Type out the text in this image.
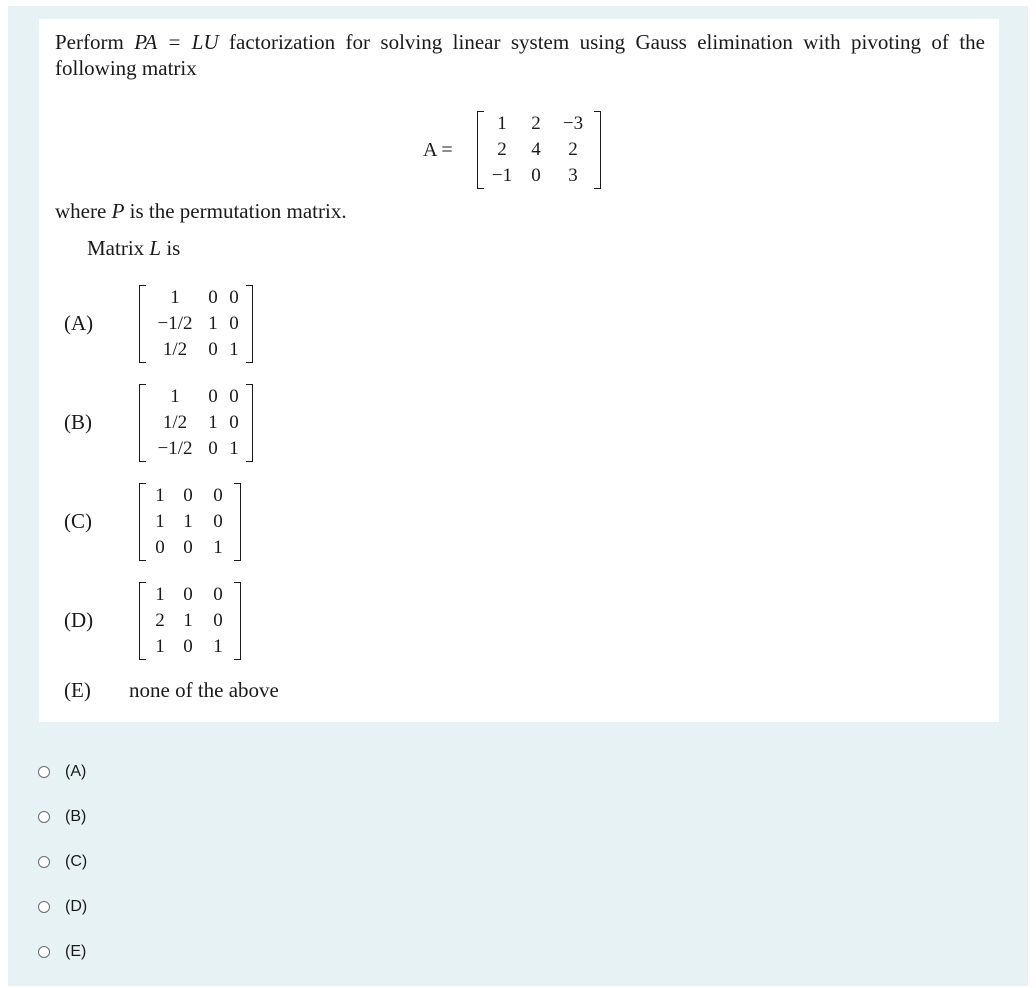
Perform PA = LU factorization for solving linear system using Gauss elimination with pivoting of the following matrix
A =
1	2	−3
2	4	2
−1	0	3
where P is the permutation matrix.
Matrix L is
(A)
1	0 0
−1/2 1 0
1/2	0 1
(B)
1	0 0
1/2	1 0
−1/2 0 1
(C)
1 0	0
1 1	0
0 0	1
(D)
1 0	0
2 1	0
1 0	1
(E) none of the above
(A)
(B)
(C)
(D)
(E)
